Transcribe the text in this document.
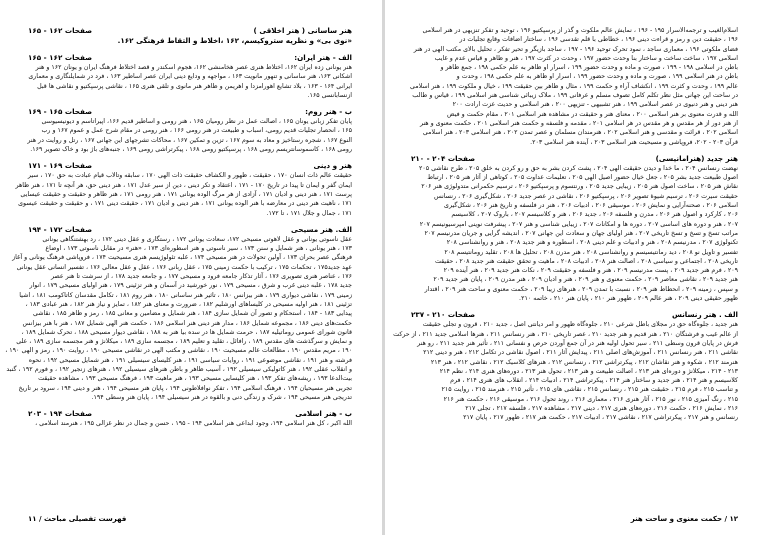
هنر ساسانی ( هنر اخلاقی )
صفحات ۱۶۲ - ۱۶۵
«نوی بی» و نظریه ستروکیسم، ۱۶۲ ،اخلاط و التقاط فرهنگی ۱۶۲.
الف - هنر ایران:
صفحات ۱۶۲ - ۱۶۵
هنر یونانی زده ایران ۱۶۲، اختلاط هنری عصر هخامنشی ۱۶۲، هجوم اسکندر و قصد اختلاط فرهنگ ایران و یونان ۱۶۲ و هنر
اشکانی ۱۶۳، هنر ساسانی و تنهور مانویت ۱۶۳ ، مواجهه و ودایع دینی ایران عصر اساطیر ۱۶۳ ، فرد در شمایلنگاری و معماری
ایرانی ۱۶۴ - ۱۶۳ ، بلاد تشایع اهورامزدا و اهریمن و ظاهر هنر مانوی و تلقی هنری ۱۶۵ ، نقاشی پرسپکتیو و نقاشی ها قبل
ازنسابانسی ۱۶۵.
ب - هنر روم:
صفحات ۱۶۵ - ۱۶۹
پایان تفکر زبانی یونان ۱۶۵ ، اصالت عمل در نظر رومیان ۱۶۵ ، هنر رومی و اساطیر قدیم ۱۶۶، اپیراتاسم و دیونیسیوسی
۱۶۵ ، انحصار تجلیات قدیم رومی، اسباب و طبیعت در هنر رومی ۱۶۶ ، هنر رومی در مقام شرح عمل و عموم ۱۶۷ و رب
النوع ۱۶۷ ، شجره رستاخیز و معاد به سوم ۱۶۷ ، تزین و تمکین ۱۶۷ ، محاکات تشرجهای این جهانی ۱۶۷ ، رتل و روایت در هنر
رومی ۱۶۸ ، کاسموسانتریسم رومی ۱۶۸ ، پرسپکتیو رومی ۱۶۸ ، پیکرتراشی رومی ۱۶۹ ، جنبه‌های باژ بود و خاک تصویر ۱۶۹.
هنر و دینی
صفحات ۱۶۹ - ۱۷۱
حقیقت عالم ذات انسان ۱۷۰ ، حقیقت ، ظهور و الکشاف حقیقت ذات الهی ۱۷۰ ، سابقه وتالاب قیام عبادت به حق ۱۷۰ ، سیر
ایمان گفر و ایمان تا پیدا در تاریخ ۱۷۰ - ۱۷۱ ، اعتقاد و تکر دینی ، دین از سیر عدل ۱۷۱ ، هنر دینی حق، هر آنچه تا ۱۷۱ ، هنر ظاهر
پرست ۱۷۱ ، هنر دینی و ادیان ۱۷۱ ، آزادی از هر مرگ الوده یونانی ۱۷۱ ، هنر رومی ۱۷۱ ، هنر ظاهر و حقیقت و حقیقت عیسایی
۱۷۱ ، ناهیت هنر دینی در معارضه با هنر الوده یونانی ۱۷۱ ، هنر دینی و ادیان ۱۷۱ ، حقیقت دینی ۱۷۱ ، و حقیقت و حقیقت عیسوی
۱۷۱ ، جمال و جلال ۱۷۱ ، تا ۱۷۲.
الف. هنر مسیحی
صفحات ۱۷۲ - ۱۹۴
عقل ناسوتی یونانی و عقل لاهوتی مسیحی ۱۷۲، سعادت یونانی ۱۷۲ ، رستگاری و عقل دینی ۱۷۲ ، رد بهشتنگاهی یونانی
۱۷۳ ، هنر یونانی ، هنر شمایل و سنن ۱۷۳ ، سیر ناسوتی و هنر اسطوره‌ای ۱۷۳ ، «هنر» در مقابل ناسوتی ۱۷۳ ، اوضاع
فرهنگی عصر بحران ۱۷۳ ، آولین تحولات در هنر مسیحی ۱۷۴ ، غلبه تئولوژیسم هنری مسیحیت ۱۷۴ ، فروپاشی فرهنگ یونانی و آغاز
عهد جدید۱۷۵ ، تحکمات ۱۷۵ ، ترکیب با حکمت زمینی ۱۷۵ ، عقل ربانی ۱۷۶ ، عقل و عقل معالی ۱۷۶ ، تفسیر انسانی عقل یونانی
۱۷۶ ، عناصر هنری تصویری ۱۷۶ ، آثار تذکار جامعه فرود و مسیحی ۱۷۷ ، و جامعه جدید ۱۷۸ ، از سرشت تا هنر عصر
جدید ۱۷۸ ، غلبه دینی غرب و شرق ، مسیحی ۱۷۹ ، نور خورشید در آسمان و هنر تزئینی ۱۷۹ ، هنر اولیای مسیحی ۱۷۹ ، انوار
زمینی ۱۷۹ ، نقاشی دیواری ۱۷۹ ، هنر بیزانس ۱۸۰ ، تاثیر هنر ساسانی ۱۸۰ ، هنر روم ۱۸۱ ، تکامل مقدسان کاتاکومب ۱۸۱ ، اشیا
تزئینی ۱۸۱ ، هنر اولیه مسیحی در کلیساهای اورشلیم ۱۸۲ ، ضرورت و معنای هنر ۱۸۲ ، تمایز و نیاز هنر ۱۸۲ ، هنر عبادی ۱۸۳ ،
پیدایی ۱۸۳ - ۱۸۴ ، استحکام و تصور آن شمایل سازی ۱۸۴ ، هنر شمایل و مضامین و معانی ۱۸۵ ، رمز و ظاهر ۱۸۵ ، نقاشی
حکمت‌های دینی ۱۸۶ ، مجموعه شمایل ۱۸۶ ، مدار هنر دینی هنر اسلامی ۱۸۶ ، حکمت هنر الهی شمایل ۱۸۷ ، هنر با هنر بیزانس
قانون شورای عمومی روماتیلیه ۱۸۷ ، حرمت شمایل ها در سده بیا هنر به ۱۸۸ ، نقاشی دیوار مسیحی ۱۸۸ ، تحرک شمایل ۱۸۹ ،
و نمایش و سرگذشت های مقدس ۱۸۹ ، رافائل ، تقلید و تعلیم ۱۸۹ ، مجسمه سازی ۱۸۹ ، میکلانژ و هنر مجسمه سازی ۱۸۹ ، علی
۱۹۰ ، مریم مقدس ۱۹۰ ، مطالعات عالم مسیحیت ۱۹۰ ، نقاشی و مکتب الهی در نقاشی مسیحی ۱۹۰ ، روایت ۱۹۰ ، رمز و الهی ۱۹۰ ،
فرشته و هنر ۱۹۱ ، نقاشی موضوعی ۱۹۱ ، روایات سیاسی ۱۹۱ ، هنر کلیسای سیسیلی ۱۹۱ ، هنر شمایل مسیحی ۱۹۲ ، نحوه
و انقلاب عقلی ۱۹۲ ، هنر کاتولیکی سیسیلی ۱۹۲ ، آسیب ظاهر و باطن هنرهای سیسیلی ۱۹۲ ، هنرهای زنجیر ۱۹۲ ، و فورم ۱۹۲ ، گنبد
بیت‌الدعا ۱۹۳ ، ریشه‌های تفکر ۱۹۳ ، هنر کلیسایی مسیحی ۱۹۳ ، هنر ماهیت ۱۹۳ ، فرهنگ مسیحی ۱۹۳ ، مشاهده حقیقت
تجربی هنر مسیحیان ۱۹۴ ، فرهنگ اسلامی ۱۹۴ ، تفکر نوافلاطونی ۱۹۴ ، پایان هنر مسیحی ۱۹۴ ، هنر و دینی ۱۹۴ ، سرود بر تاریخ
تدریجی هنر مسیحی ۱۹۴ ، شرک و زندگی دنی و بالقوه در هنر سیسیلی ۱۹۴ ، پایان هنر وسطی ۱۹۴.
ب - هنر اسلامی
صفحات ۱۹۴ - ۲۰۳
الله اکبر ، کل هنر اسلامی ۱۹۴، وجود ابداعی هنر اسلامی ۱۹۴ - ۱۹۵ ، حسن و جمال در نظر غزالی ۱۹۵ ، هنرمند اسلامی ،
فهرست تفصیلی مباحث / ۱۱
اسلام‌الغیب و ترجمه‌الاسرار ۱۹۵ - ۱۹۶ ، نمایش عالم ملکوت و گذر از پرسپکتیو ۱۹۶ ، توحید و تفکر تنزیهی در هنر اسلامی
۱۹۶ ، حقیقت دین و رمز و قراءت دینی ۱۹۶ ، خطاطی با قلم تقدسی ۱۹۶ ، ساختار اضافات وقایع تجلیات در
فضای ملکوتی ۱۹۶ ، معماری ساجد ، نمود تحرک توحید ۱۹۶ - ۱۹۷ ، ساجد بازیگر و تحیر تفکر ، تحلیل بالای مکتب الهی در هنر
اسلامی ۱۹۷ ، ساخت ساخت و ساختار بنا وحدت حضور ۱۹۷ ، وحدت در کثرت ۱۹۷ ، هنر و ظاهر و قیاس عدم و غایب
باطن در اسلامی ۱۹۸ - ۱۹۹ ، صورت و ماده و وحدت حضور ۱۹۹ ، اسرار او ظاهر به علم حکمی ۱۹۸ ، جمع ظاهر و
باطن در هنر اسلامی ۱۹۹ ، صورت و ماده و وحدت حضور ۱۹۹ ، اسرار او ظاهر به علم حکمی ۱۹۸ ، وحدت و
عالم ۱۹۹ ، وحدت و کثرت ۱۹۹ ، انکشاف آراء و حکمت ۱۹۹ ، مثال و ظاهر بین حقیقت ۱۹۹ ، خیال و ملکوت ۱۹۹ ، هنر اسلامی
در ساحت این جهانی مثل نظر تکلم کامل تصوف مسلم و عرفانی ۱۹۹ ، ملاک زیبائی شناسی هنر اسلامی ۱۹۹ ، قیاس و طالب
هنر دینی و هنر دنیوی در عصر اسلامی ۱۹۹ ، هنر تشبیهی - تنزیهی ۲۰۰ ، هنر اسلامی و حدیث عزت ارادت ۲۰۰
الله و قدرت معنوی بر هنر اسلامی ۲۰۰ ، معنای هنر و حقیقت در مشاهده هنر اسلامی ۲۰۱ ، مقام حکمت و فیض
از هنر دور از هر مقدس و هر مقدس در هر اسلامی ۲۰۱ ، مقدمه و فلسفه و حکمت هنر اسلامی ۲۰۱ ، حکمت معنوی و هنر
اسلامی ۲۰۲ ، قرائت و مقدسی و هنر اسلامی ۲۰۲ ، هنرمندان مسلمان و عصر تمدن ۲۰۲ ، هنر اسلامی ۲۰۳ ، هنر اسلامی
قرآن ۲۰۳ - ۲۰۲، فروپاشی و مسیحیت هنر اسلامی ۲۰۳ ، آینده هنر اسلامی ۲۰۳.
هنر جدید (هنرامانیسی)
صفحات ۲۰۴ - ۲۱۰
نهضت رنسانس ۲۰۴ ، ما خدا و دیدن حقیقت الهی ۲۰۴ ، پشت کردن بشر به حق و رو کردن به خلق ۲۰۵ ، طرح نقاشی ۲۰۵
اصول طبیعت جدید بشر ۲۰۵ ، جعل خیال حضور اصیل الهی ۲۰۵ ، تعلیمات عداوت ۲۰۵ ، کوتاهی از آثار هنر ۲۰۵ ، ارتباط
نقاش هنر ۲۰۵ ، ساخت اصول هنر ۲۰۵ ، زیبایی جدید ۲۰۵ ، ورنتسوم و پرسپکتیو ۲۰۶ ، ترسیم حکمرانی متدولوژی هنر ۲۰۶
حقیقت سیرت ۲۰۶ ، ترسیم شیوهٔ تصویر ۲۰۶ ، پرسپکتیو ۲۰۶ ، نقاشی در عصر جدید ۲۰۶ ، شکل‌گیری ۲۰۶ ، رنسانس
اسلامی ۲۰۶ ، صحنه‌آرایی و نمایش ۲۰۶ ، موسیقی ۲۰۶ ، ادبیات ۲۰۶ ، هنر در فلسفه و تاریخ هنر ۲۰۶ ، شکل‌گیری
۲۰۶ ، کارکرد و اصول هنر ۲۰۶ ، مدرن و فلسفه ۲۰۶ ، جدید ۲۰۶ ، هنر و کلاسیسم ۲۰۷ ، باروک ۲۰۷ ، کلاسیسم
۲۰۷ ، هنر و دوره های اساسی ۲۰۷ ، دوره ها و امکانات ۲۰۷ ، زیبایی شناسی و هنر ۲۰۷ ، پیشرفت نوینی امپرسیونیسم ۲۰۷
مراتب تسخ و تسخ و تسخ تاریخی ۲۰۷ ، هنر اولیای جهان و سعادت این جهانی ۲۰۷ ، اندیشه گرایی و جریان مدرنیسم ۲۰۷
تکنولوژی ۲۰۷ ، مدرنیسم ۲۰۸ ، هنر و ادبیات و علم دینی ۲۰۸ ، اسطوره و هنر جدید ۲۰۸ ، هنر و روانشناسی ۲۰۸
تفسیر و تاویل نو ۲۰۸ ، دید رمانتیسیسم و روانشناسی ۲۰۸ ، هنر مدرن ۲۰۸ ، تحلیل ها ۲۰۸ ، تقلید رومانتیسم ۲۰۸
تاریخی ۲۰۸ ، اجتماعی و سیاسی ۲۰۸ ، اصالت هنر ۲۰۸ ، ادبیات ۲۰۸ ، ماهیت و تحقق حقیقت هنر جدید ۲۰۸ ، حقیقت
۲۰۹ ، فرم هنر جدید ۲۰۹ ، پست مدرنیسم ۲۰۹ ، هنر و فلسفه و حقیقت ۲۰۹ ، نکات هنر جدید ۲۰۹ ، هنر آینده ۲۰۹
هنر جدید ۲۰۹ ، نقاشی معاصر ۲۰۹ ، حکمت معنوی و هنر ۲۰۹ ، هنر و ادیان ۲۰۹ ، هنر مدرن ۲۰۹ ، پایان هنر جدید ۲۰۹
و سپس ، زمینه ۲۰۹ ، انحطاط هنر ۲۰۹ ، نسبت با تمدن ۲۰۹ ، هنرهای زیبا ۲۰۹ ، حکمت معنوی و ساحت هنر ۲۰۹ ، اقتدار
ظهور حقیقی دینی ۲۰۹ ، هنر عالم ۲۰۹ ، ظهور هنر ۲۱۰ ، پایان هنر ۲۱۰ ، خاتمه ۲۱۰.
الف . هنر رنسانس
صفحات ۲۱۰ - ۲۳۷
هنر جدید ، جلوه‌گاه حق در مجلای باطل شرعی ۲۱۰ ، جلوه‌گاه ظهور و امر دیانتی اصل ، جدید ۲۱۰ ، قرون و تجلی حقیقت
از عالم غیب و فرشتگان ۲۱۰ ، هنر قدیم و هنر جدید ۲۱۰ ، عصر تاریخی ۲۱۰ ، هنر رنسانس ۲۱۱ ، هنرها اسلامی جدید ۲۱۱ ، از حرکت
فرش در پایان قرون وسطی ۲۱۱ ، سیر تحول اولیه هنر در آن جمع آوردن حرص و نفسانی ۲۱۱ ، تأثیر هنر جدید ۲۱۱ ، رو هنر
نقاشی ۲۱۱ ، هنر رنسانس ۲۱۱ ، آموزش‌های اصلی ۲۱۱ ، پیدایش آثار ۲۱۱ ، اصول نقاشی در تکامل ۲۱۲ ، هنر و دینی ۲۱۲
هنرمند ۲۱۲ ، شکوه و هنر نقاشان ۲۱۲ ، پیکرتراشی ۲۱۲ ، رنسانس ۲۱۲ ، هنرهای کلاسیک ۲۱۲ ، نقاشی ۲۱۲ ، هنر ۲۱۳
۲۱۳ - ۲۱۴ ، میکلانژ و دوره‌ای هنر ۲۱۳ ، اصالت طبیعت و هنر ۲۱۳ ، تحول هنر ۲۱۳ ، دوره‌های هنری ۲۱۴ ، نظم ۲۱۴
کلاسیسم و هنر ۲۱۴ ، هنر جدید و ساختار هنر ۲۱۴ ، پیکرتراشی ۲۱۴ ، ادبیات ۲۱۴ ، انقلاب های هنری ۲۱۴ ، فرم
و تناسب ۲۱۵ ، فرم ۲۱۵ ، حقیقت هنر ۲۱۵ ، رنسانس ۲۱۵ ، نقاشی های ۲۱۵ ، تأثیر ۲۱۵ ، هنرمند ۲۱۵ ، روایت ۲۱۵
۲۱۵ ، رنگ آمیزی ۲۱۵ ، نور ۲۱۵ ، آثار هنری ۲۱۶ ، معماری ۲۱۶ ، روند تحول ۲۱۶ ، موسیقی ۲۱۶ ، حکمت هنر ۲۱۶
۲۱۶ ، نمایش ۲۱۶ ، حکمت ۲۱۶ ، دوره‌های هنری ۲۱۷ ، دینی ۲۱۷ ، مشاهده ۲۱۷ ، فلسفه ۲۱۷ ، تجلی ۲۱۷
رنسانس و هنر ۲۱۷ ، پیکرتراشی ۲۱۷ ، نقاشی ۲۱۷ ، ادبیات ۲۱۷ ، حکمت هنر ۲۱۷ ، ظهور ۲۱۷ ، پایان ۲۱۷
۱۲ / حکمت معنوی و ساحت هنر
